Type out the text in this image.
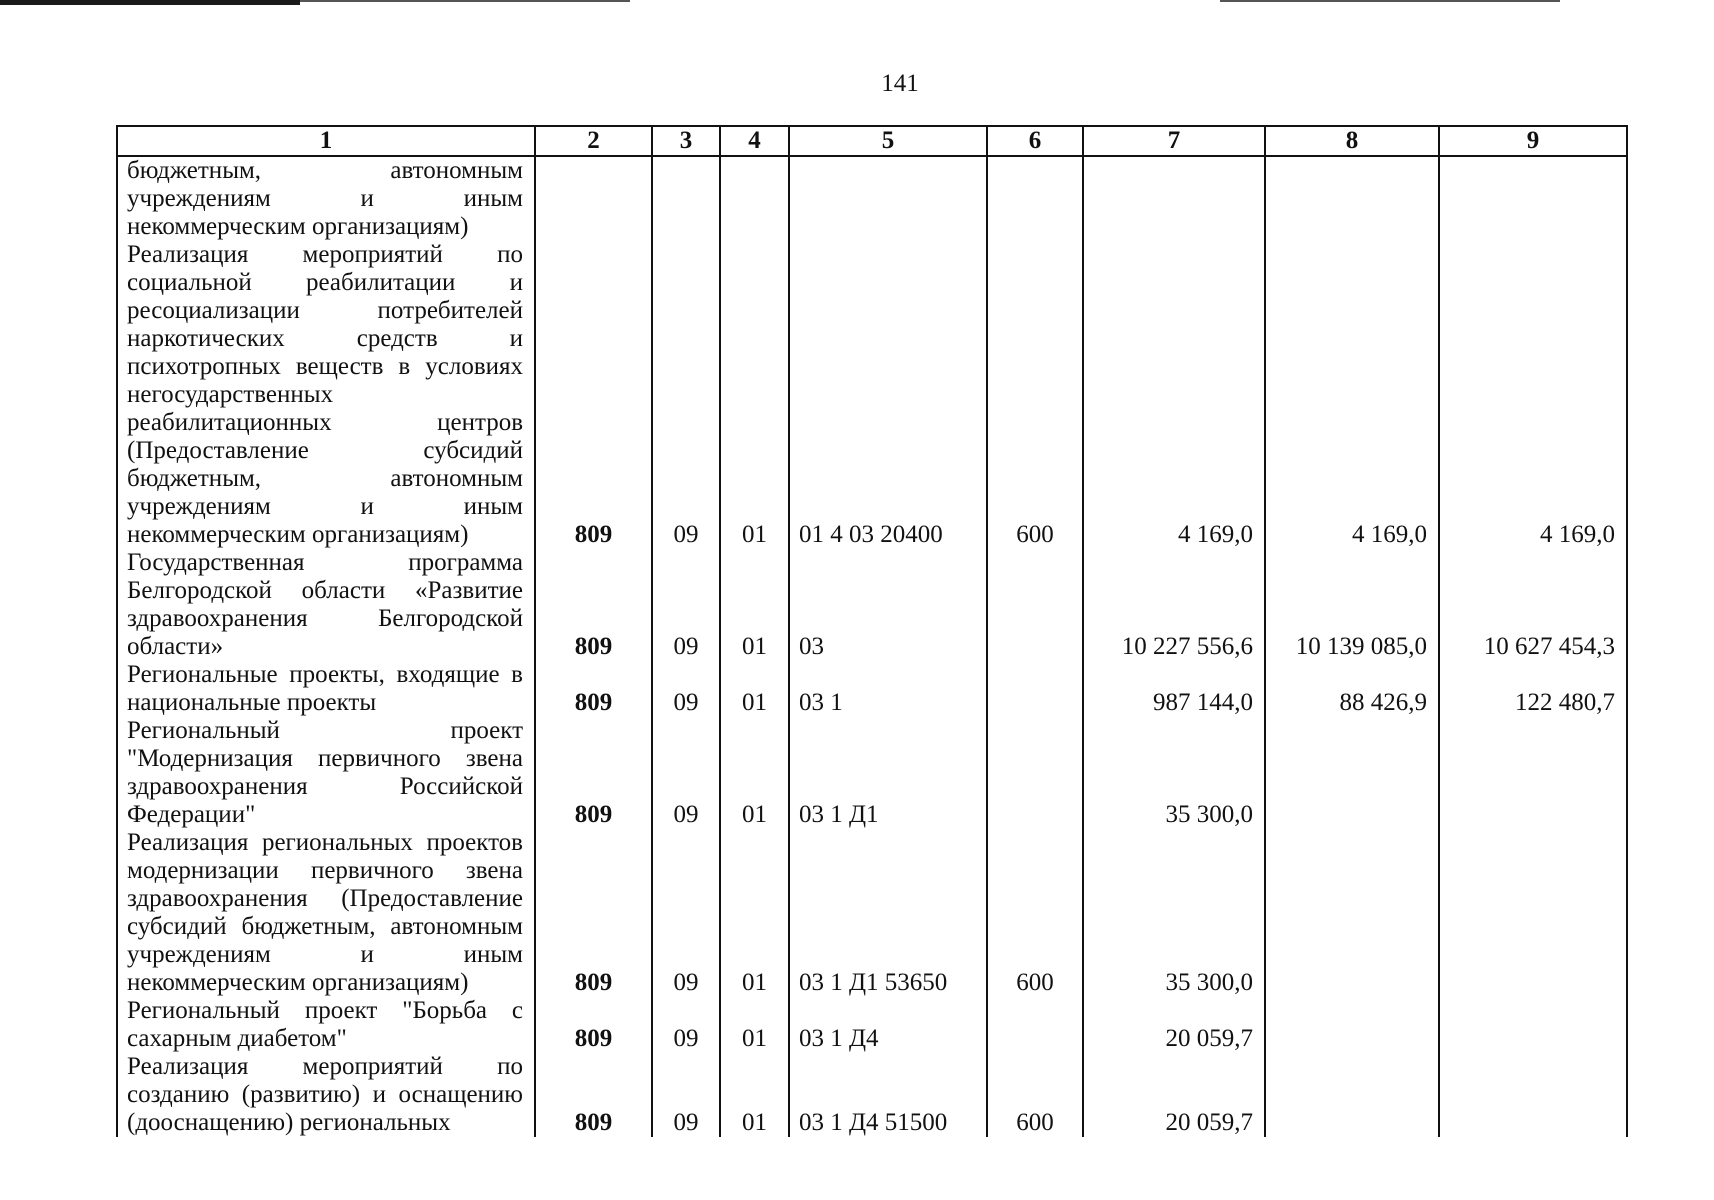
141
1	2	3	4	5	6	7	8	9
бюджетным, автономным учреждениям и иным некоммерческим организациям)								
Реализация мероприятий по социальной реабилитации и ресоциализации потребителей наркотических средств и психотропных веществ в условиях негосударственных реабилитационных центров (Предоставление субсидий бюджетным, автономным учреждениям и иным некоммерческим организациям)	809	09	01	01 4 03 20400	600	4 169,0	4 169,0	4 169,0
Государственная программа Белгородской области «Развитие здравоохранения Белгородской области»	809	09	01	03		10 227 556,6	10 139 085,0	10 627 454,3
Региональные проекты, входящие в национальные проекты	809	09	01	03 1		987 144,0	88 426,9	122 480,7
Региональный проект "Модернизация первичного звена здравоохранения Российской Федерации"	809	09	01	03 1 Д1		35 300,0		
Реализация региональных проектов модернизации первичного звена здравоохранения (Предоставление субсидий бюджетным, автономным учреждениям и иным некоммерческим организациям)	809	09	01	03 1 Д1 53650	600	35 300,0		
Региональный проект "Борьба с сахарным диабетом"	809	09	01	03 1 Д4		20 059,7		
Реализация мероприятий по созданию (развитию) и оснащению (дооснащению) региональных	809	09	01	03 1 Д4 51500	600	20 059,7		
